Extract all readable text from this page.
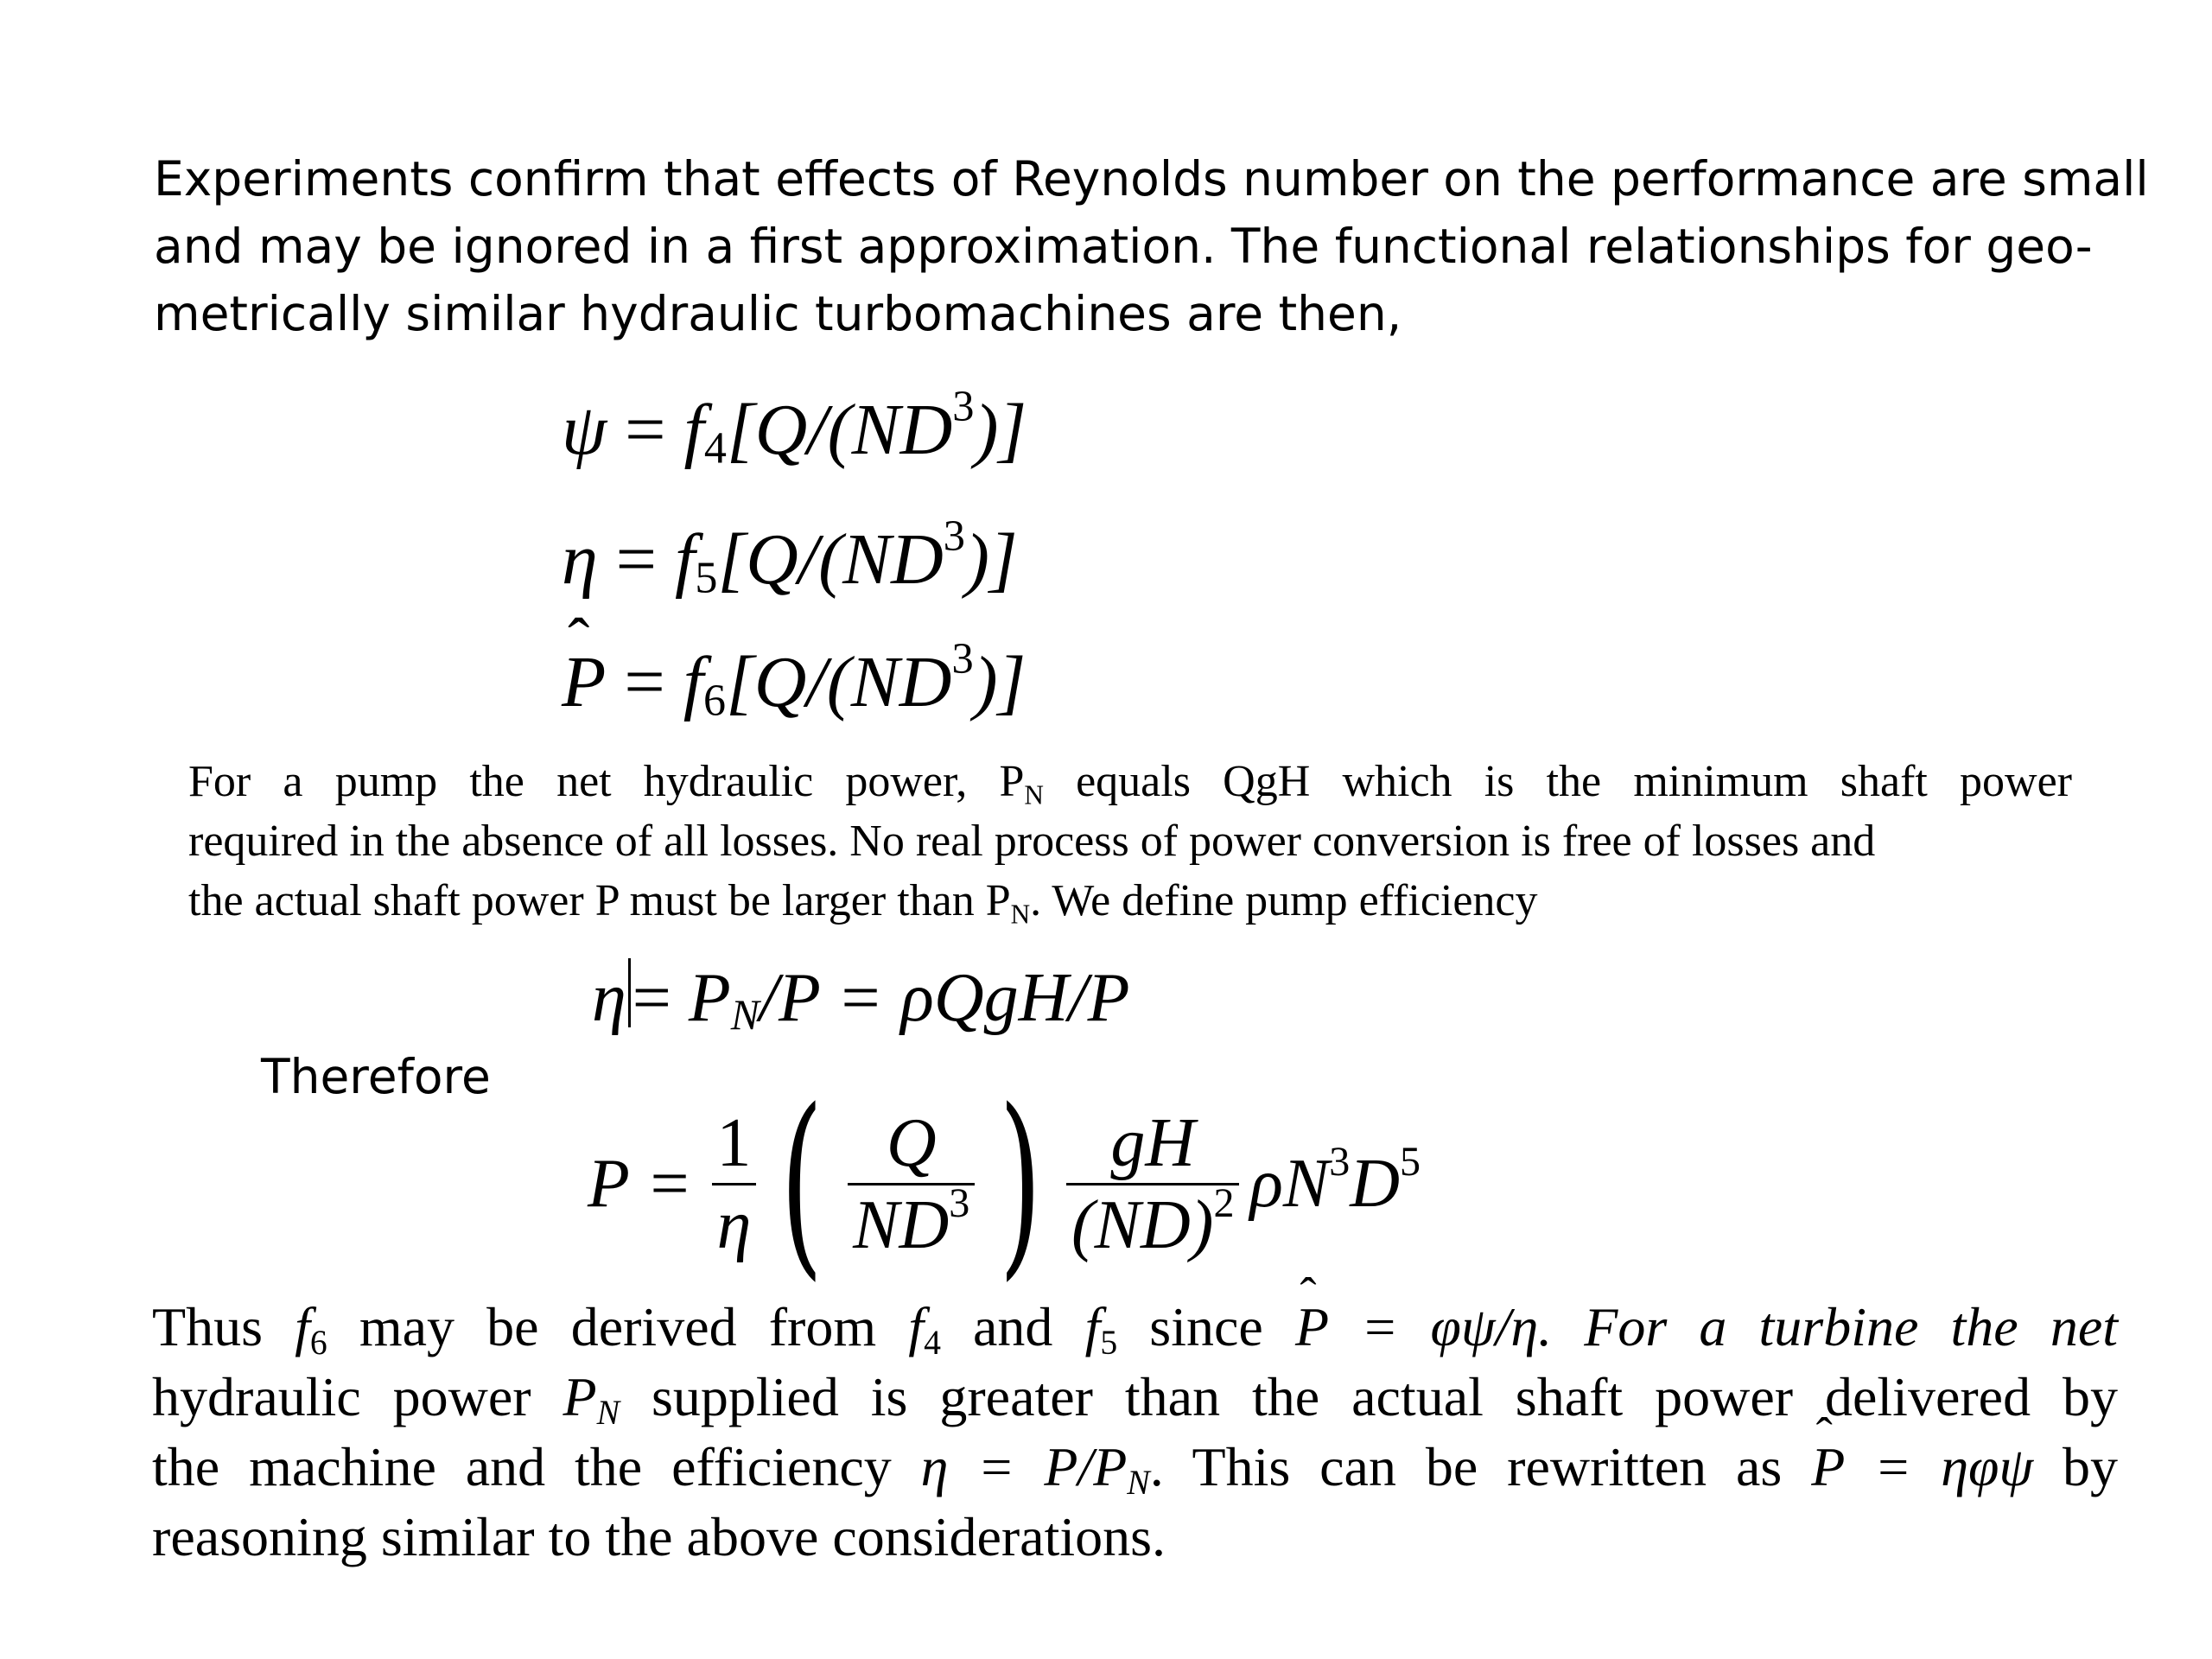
Experiments confirm that effects of Reynolds number on the performance are small
and may be ignored in a first approximation. The functional relationships for geo-
metrically similar hydraulic turbomachines are then,
$\psi = f4[Q/(ND^3)]$
$\eta = f5[Q/(ND^3)]$
ˆ $P = f6[Q/(ND^3)]$
For a pump the net hydraulic power, $P_N$ equals QgH which is the minimum shaft power
required in the absence of all losses. No real process of power conversion is free of losses and
the actual shaft power P must be larger than $P_N$. We define pump efficiency
η= PN/P = ρQgH/P
Therefore
$P = \frac{1}{\eta}$ ( $\frac{Q}{ND^3}$ ) $\frac{gH}{(ND)^2} \rho N^3D^5$
Thus $f_6$ may be derived from $f_4$ and $f_5$ since ˆ P = φψ/η. For a turbine the net
hydraulic power $P_N$ supplied is greater than the actual shaft power delivered by
the machine and the efficiency $\eta = P/P_N$. This can be rewritten as ˆ P = ηφψ by
reasoning similar to the above considerations.
